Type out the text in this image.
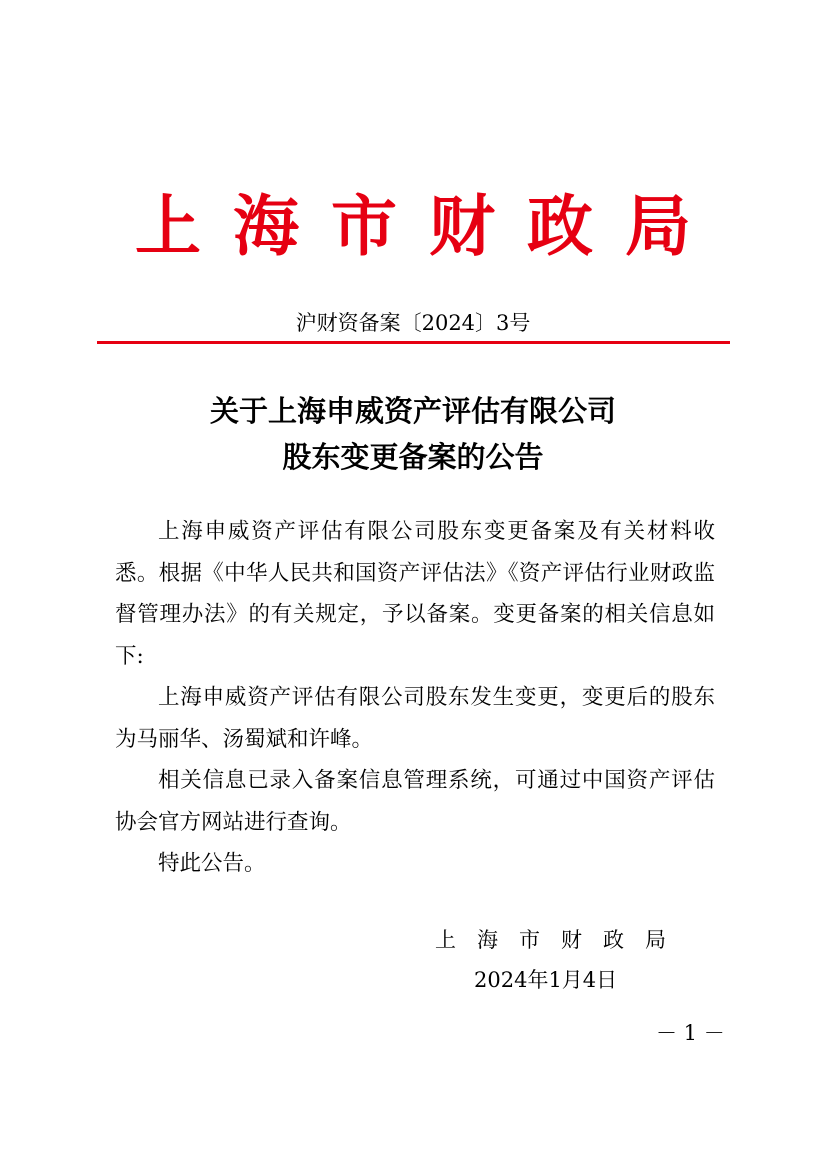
上海市财政局
沪财资备案〔2024〕3号
关于上海申威资产评估有限公司
股东变更备案的公告

上海申威资产评估有限公司股东变更备案及有关材料收悉。根据《中华人民共和国资产评估法》《资产评估行业财政监督管理办法》的有关规定，予以备案。变更备案的相关信息如下:

上海申威资产评估有限公司股东发生变更，变更后的股东为马丽华、汤蜀斌和许峰。

相关信息已录入备案信息管理系统，可通过中国资产评估协会官方网站进行查询。

特此公告。

上海市财政局
2024年1月4日
－ 1 －
